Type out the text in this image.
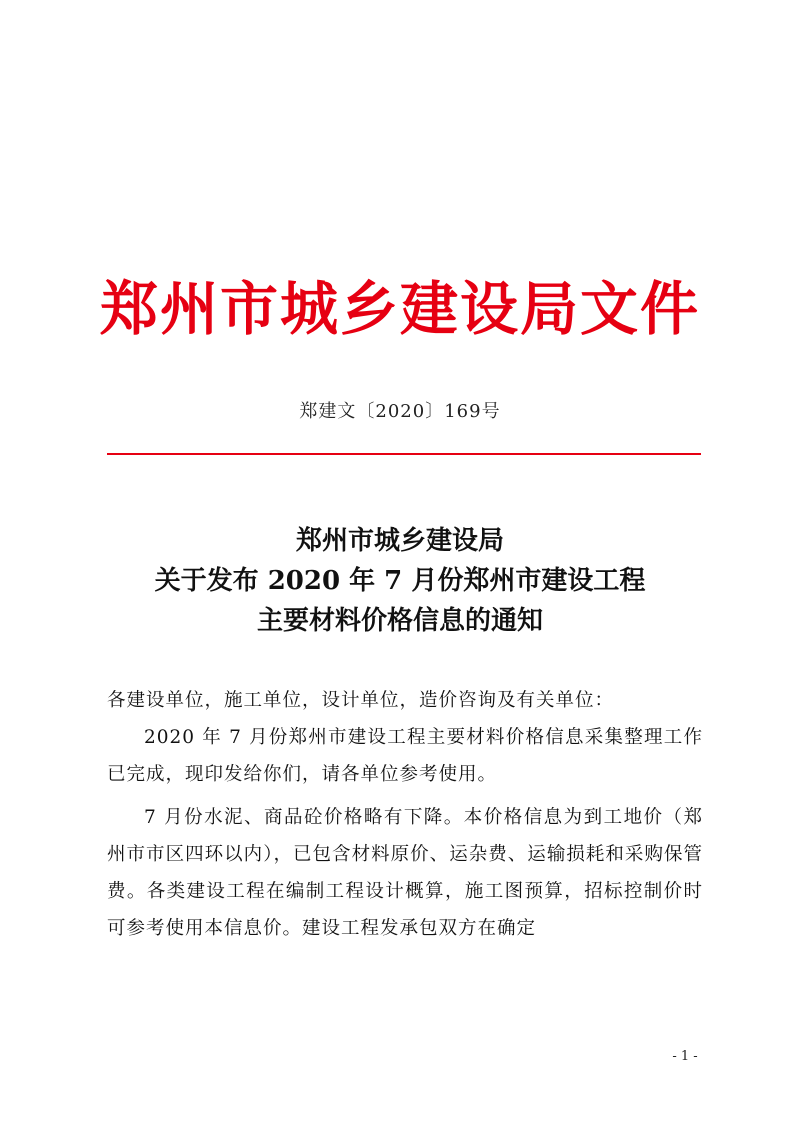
郑州市城乡建设局文件
郑建文〔2020〕169号
郑州市城乡建设局
关于发布 2020 年 7 月份郑州市建设工程
主要材料价格信息的通知

各建设单位，施工单位，设计单位，造价咨询及有关单位：

2020 年 7 月份郑州市建设工程主要材料价格信息采集整理工作已完成，现印发给你们，请各单位参考使用。

7 月份水泥、商品砼价格略有下降。本价格信息为到工地价（郑州市市区四环以内），已包含材料原价、运杂费、运输损耗和采购保管费。各类建设工程在编制工程设计概算，施工图预算，招标控制价时可参考使用本信息价。建设工程发承包双方在确定

- 1 -
